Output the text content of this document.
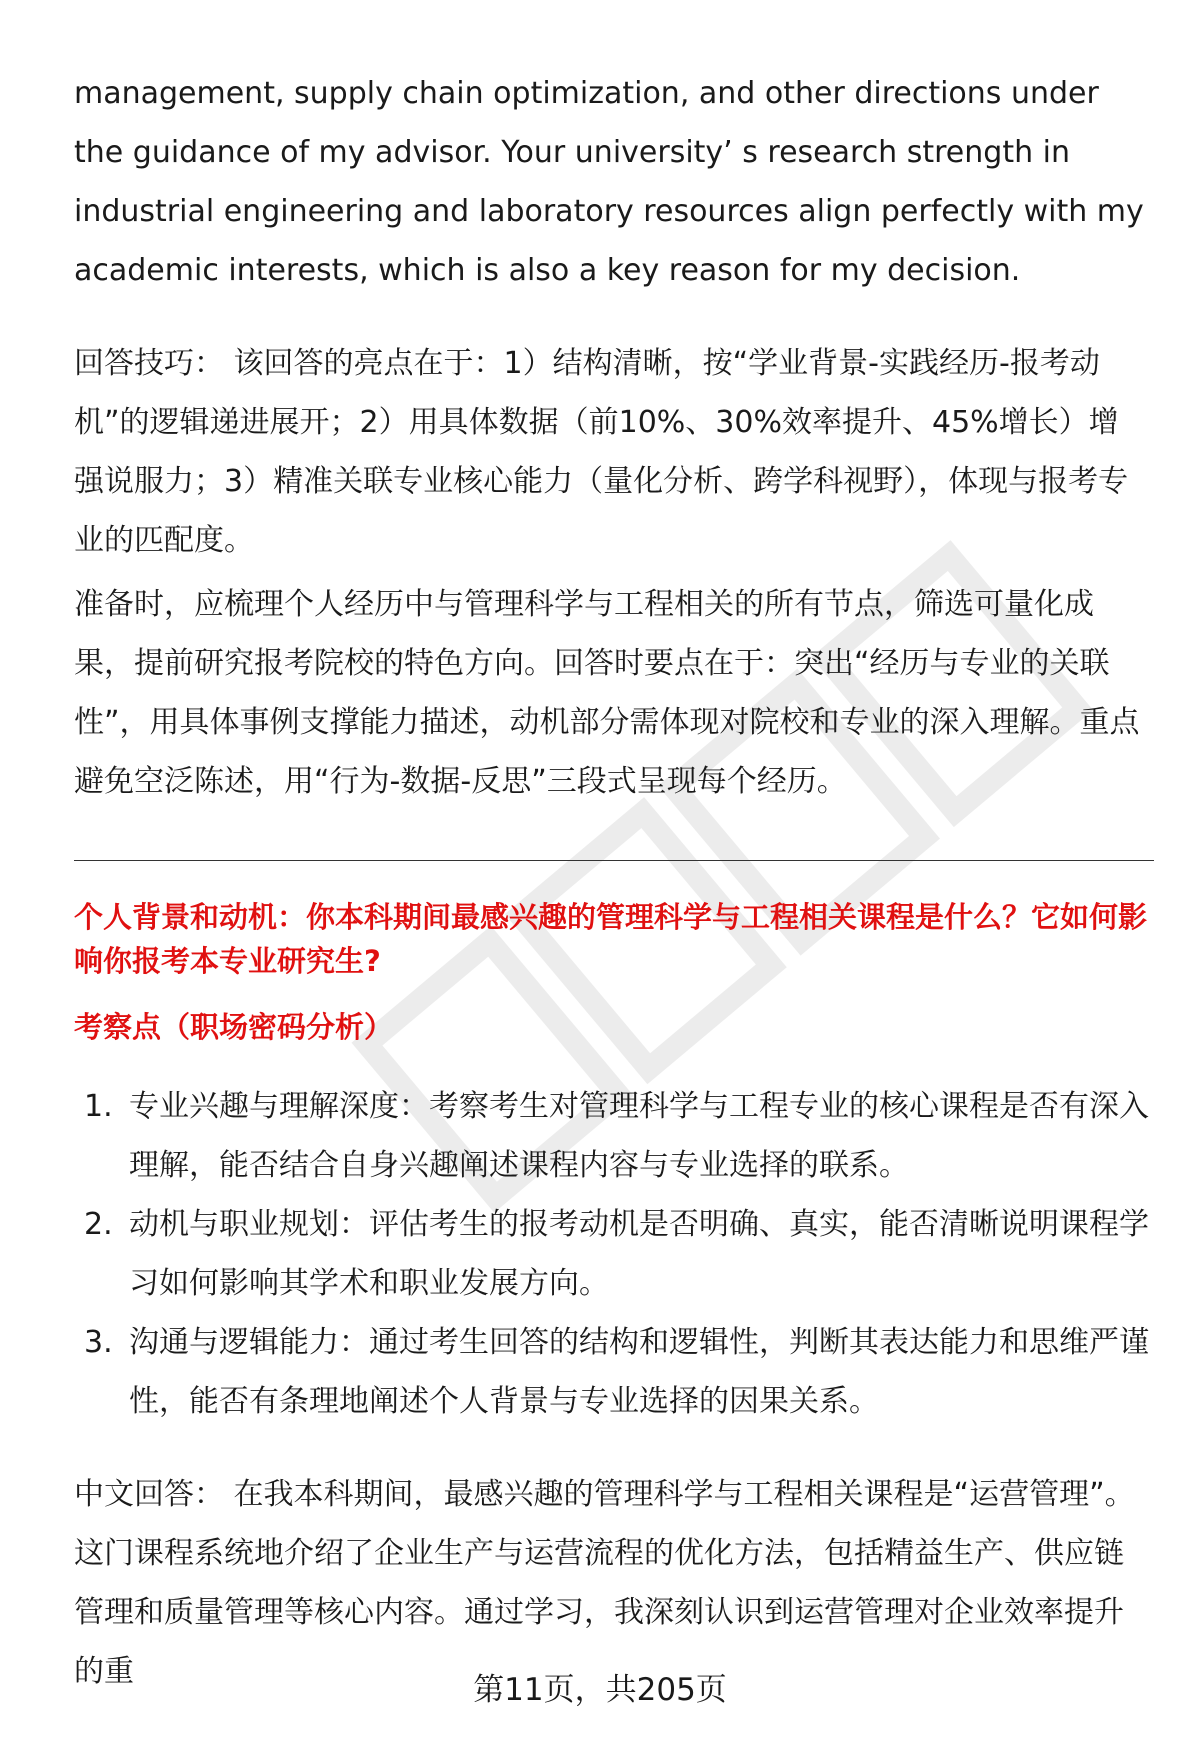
management, supply chain optimization, and other directions under the guidance of my advisor. Your university’ s research strength in industrial engineering and laboratory resources align perfectly with my academic interests, which is also a key reason for my decision.

回答技巧： 该回答的亮点在于：1）结构清晰，按“学业背景-实践经历-报考动机”的逻辑递进展开；2）用具体数据（前10%、30%效率提升、45%增长）增强说服力；3）精准关联专业核心能力（量化分析、跨学科视野），体现与报考专业的匹配度。

准备时，应梳理个人经历中与管理科学与工程相关的所有节点，筛选可量化成果，提前研究报考院校的特色方向。回答时要点在于：突出“经历与专业的关联性”，用具体事例支撑能力描述，动机部分需体现对院校和专业的深入理解。重点避免空泛陈述，用“行为-数据-反思”三段式呈现每个经历。

个人背景和动机：你本科期间最感兴趣的管理科学与工程相关课程是什么？它如何影响你报考本专业研究生?

考察点（职场密码分析）

1. 专业兴趣与理解深度：考察考生对管理科学与工程专业的核心课程是否有深入理解，能否结合自身兴趣阐述课程内容与专业选择的联系。
2. 动机与职业规划：评估考生的报考动机是否明确、真实，能否清晰说明课程学习如何影响其学术和职业发展方向。
3. 沟通与逻辑能力：通过考生回答的结构和逻辑性，判断其表达能力和思维严谨性，能否有条理地阐述个人背景与专业选择的因果关系。

中文回答： 在我本科期间，最感兴趣的管理科学与工程相关课程是“运营管理”。这门课程系统地介绍了企业生产与运营流程的优化方法，包括精益生产、供应链管理和质量管理等核心内容。通过学习，我深刻认识到运营管理对企业效率提升的重

第11页，共205页
